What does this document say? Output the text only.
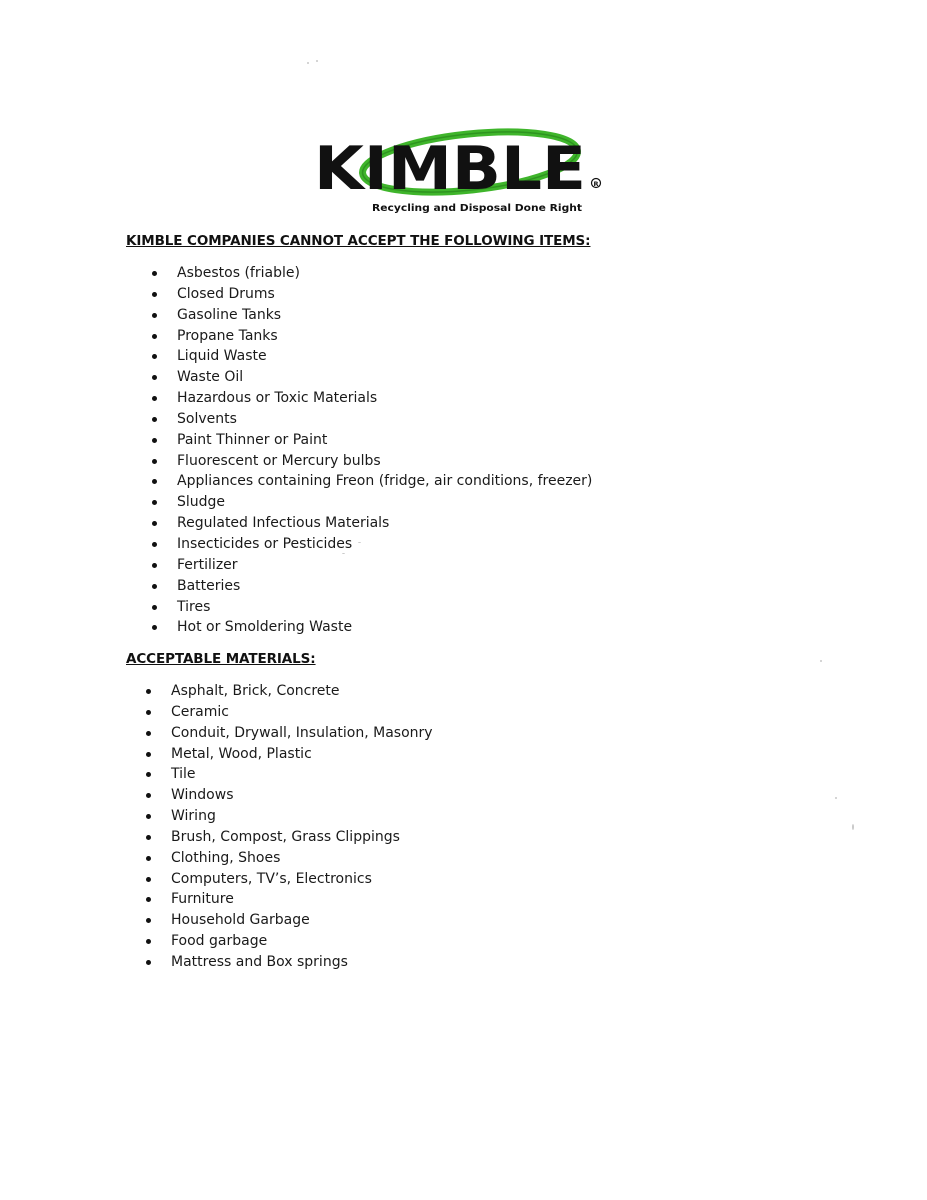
KIMBLE R
Recycling and Disposal Done Right
KIMBLE COMPANIES CANNOT ACCEPT THE FOLLOWING ITEMS:
Asbestos (friable)
Closed Drums
Gasoline Tanks
Propane Tanks
Liquid Waste
Waste Oil
Hazardous or Toxic Materials
Solvents
Paint Thinner or Paint
Fluorescent or Mercury bulbs
Appliances containing Freon (fridge, air conditions, freezer)
Sludge
Regulated Infectious Materials
Insecticides or Pesticides
Fertilizer
Batteries
Tires
Hot or Smoldering Waste
ACCEPTABLE MATERIALS:
Asphalt, Brick, Concrete
Ceramic
Conduit, Drywall, Insulation, Masonry
Metal, Wood, Plastic
Tile
Windows
Wiring
Brush, Compost, Grass Clippings
Clothing, Shoes
Computers, TV’s, Electronics
Furniture
Household Garbage
Food garbage
Mattress and Box springs
